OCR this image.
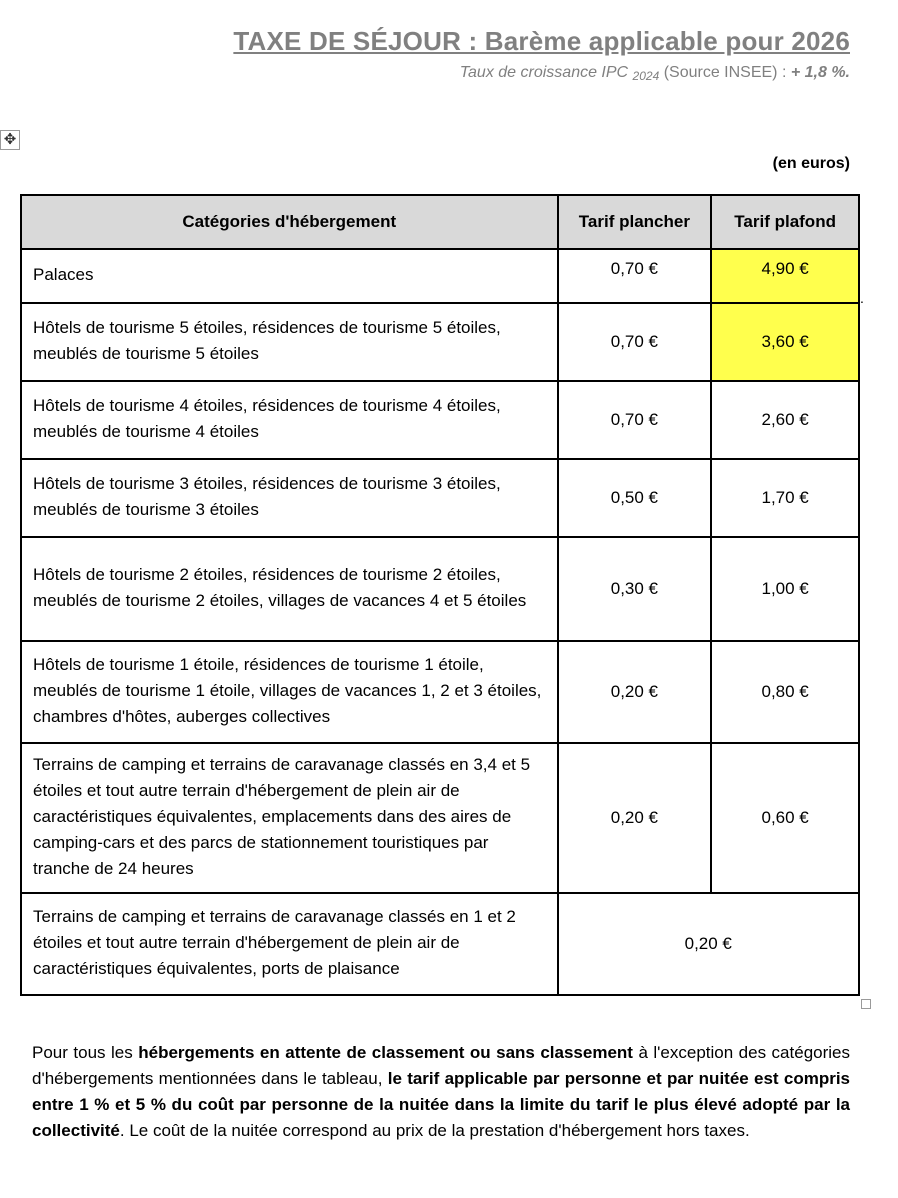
TAXE DE SÉJOUR : Barème applicable pour 2026
Taux de croissance IPC $_{2024}$ (Source INSEE) : + 1,8 %.
✥
(en euros)
Catégories d'hébergement	Tarif plancher	Tarif plafond
Palaces	0,70 €	4,90 €
Hôtels de tourisme 5 étoiles, résidences de tourisme 5 étoiles, meublés de tourisme 5 étoiles	0,70 €	3,60 €
Hôtels de tourisme 4 étoiles, résidences de tourisme 4 étoiles, meublés de tourisme 4 étoiles	0,70 €	2,60 €
Hôtels de tourisme 3 étoiles, résidences de tourisme 3 étoiles, meublés de tourisme 3 étoiles	0,50 €	1,70 €
Hôtels de tourisme 2 étoiles, résidences de tourisme 2 étoiles, meublés de tourisme 2 étoiles, villages de vacances 4 et 5 étoiles	0,30 €	1,00 €
Hôtels de tourisme 1 étoile, résidences de tourisme 1 étoile, meublés de tourisme 1 étoile, villages de vacances 1, 2 et 3 étoiles, chambres d'hôtes, auberges collectives	0,20 €	0,80 €
Terrains de camping et terrains de caravanage classés en 3,4 et 5 étoiles et tout autre terrain d'hébergement de plein air de caractéristiques équivalentes, emplacements dans des aires de camping-cars et des parcs de stationnement touristiques par tranche de 24 heures	0,20 €	0,60 €
Terrains de camping et terrains de caravanage classés en 1 et 2 étoiles et tout autre terrain d'hébergement de plein air de caractéristiques équivalentes, ports de plaisance	0,20 €	
.
Pour tous les hébergements en attente de classement ou sans classement à l'exception des catégories d'hébergements mentionnées dans le tableau, le tarif applicable par personne et par nuitée est compris entre 1 % et 5 % du coût par personne de la nuitée dans la limite du tarif le plus élevé adopté par la collectivité. Le coût de la nuitée correspond au prix de la prestation d'hébergement hors taxes.
